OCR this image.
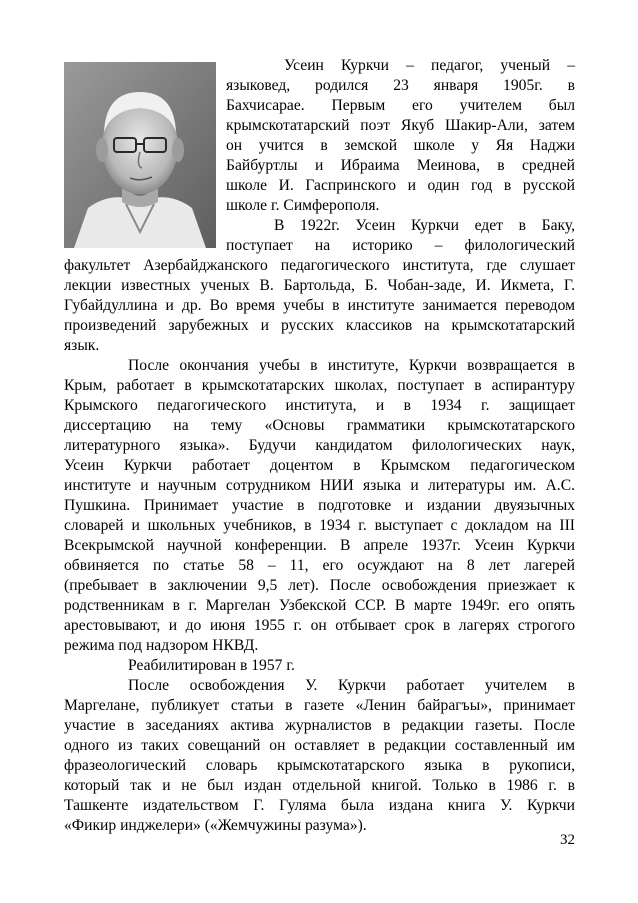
Усеин Куркчи – педагог, ученый –
языковед, родился 23 января 1905г. в
Бахчисарае. Первым его учителем был
крымскотатарский поэт Якуб Шакир-Али, затем
он учится в земской школе у Яя Наджи
Байбуртлы и Ибраима Меинова, в средней
школе И. Гаспринского и один год в русской
школе г. Симферополя.
В 1922г. Усеин Куркчи едет в Баку,
поступает на историко – филологический
факультет Азербайджанского педагогического института, где слушает
лекции известных ученых В. Бартольда, Б. Чобан-заде, И. Икмета, Г.
Губайдуллина и др. Во время учебы в институте занимается переводом
произведений зарубежных и русских классиков на крымскотатарский
язык.
После окончания учебы в институте, Куркчи возвращается в
Крым, работает в крымскотатарских школах, поступает в аспирантуру
Крымского педагогического института, и в 1934 г. защищает
диссертацию на тему «Основы грамматики крымскотатарского
литературного языка». Будучи кандидатом филологических наук,
Усеин Куркчи работает доцентом в Крымском педагогическом
институте и научным сотрудником НИИ языка и литературы им. А.С.
Пушкина. Принимает участие в подготовке и издании двуязычных
словарей и школьных учебников, в 1934 г. выступает с докладом на III
Всекрымской научной конференции. В апреле 1937г. Усеин Куркчи
обвиняется по статье 58 – 11, его осуждают на 8 лет лагерей
(пребывает в заключении 9,5 лет). После освобождения приезжает к
родственникам в г. Маргелан Узбекской ССР. В марте 1949г. его опять
арестовывают, и до июня 1955 г. он отбывает срок в лагерях строгого
режима под надзором НКВД.
Реабилитирован в 1957 г.
После освобождения У. Куркчи работает учителем в
Маргелане, публикует статьи в газете «Ленин байрагъы», принимает
участие в заседаниях актива журналистов в редакции газеты. После
одного из таких совещаний он оставляет в редакции составленный им
фразеологический словарь крымскотатарского языка в рукописи,
который так и не был издан отдельной книгой. Только в 1986 г. в
Ташкенте издательством Г. Гуляма была издана книга У. Куркчи
«Фикир инджелери» («Жемчужины разума»).
32
